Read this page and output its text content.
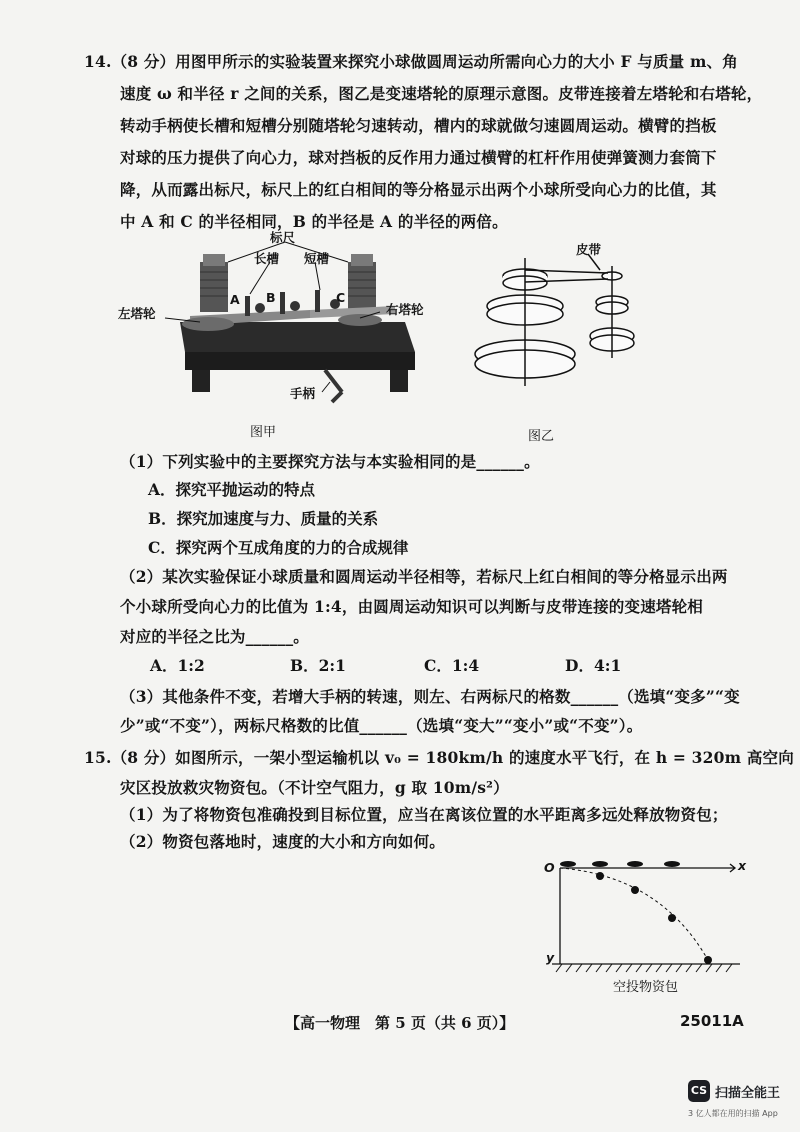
14.（8 分）用图甲所示的实验装置来探究小球做圆周运动所需向心力的大小 F 与质量 m、角
速度 ω 和半径 r 之间的关系，图乙是变速塔轮的原理示意图。皮带连接着左塔轮和右塔轮，
转动手柄使长槽和短槽分别随塔轮匀速转动，槽内的球就做匀速圆周运动。横臂的挡板
对球的压力提供了向心力，球对挡板的反作用力通过横臂的杠杆作用使弹簧测力套筒下
降，从而露出标尺，标尺上的红白相间的等分格显示出两个小球所受向心力的比值，其
中 A 和 C 的半径相同，B 的半径是 A 的半径的两倍。
标尺
长槽 短槽
左塔轮	右塔轮
A B	C
手柄
图甲
皮带
图乙
（1）下列实验中的主要探究方法与本实验相同的是______。
A．探究平抛运动的特点
B．探究加速度与力、质量的关系
C．探究两个互成角度的力的合成规律
（2）某次实验保证小球质量和圆周运动半径相等，若标尺上红白相间的等分格显示出两
个小球所受向心力的比值为 1:4，由圆周运动知识可以判断与皮带连接的变速塔轮相
对应的半径之比为______。
A．1:2	B．2:1	C．1:4	D．4:1
（3）其他条件不变，若增大手柄的转速，则左、右两标尺的格数______（选填“变多”“变
少”或“不变”），两标尺格数的比值______（选填“变大”“变小”或“不变”）。
15.（8 分）如图所示，一架小型运输机以 v₀ = 180km/h 的速度水平飞行，在 h = 320m 高空向
灾区投放救灾物资包。（不计空气阻力，g 取 10m/s²）
（1）为了将物资包准确投到目标位置，应当在离该位置的水平距离多远处释放物资包；
（2）物资包落地时，速度的大小和方向如何。
O	x
y
空投物资包
【高一物理　第 5 页（共 6 页）】	25011A
CS 扫描全能王
3 亿人都在用的扫描 App
